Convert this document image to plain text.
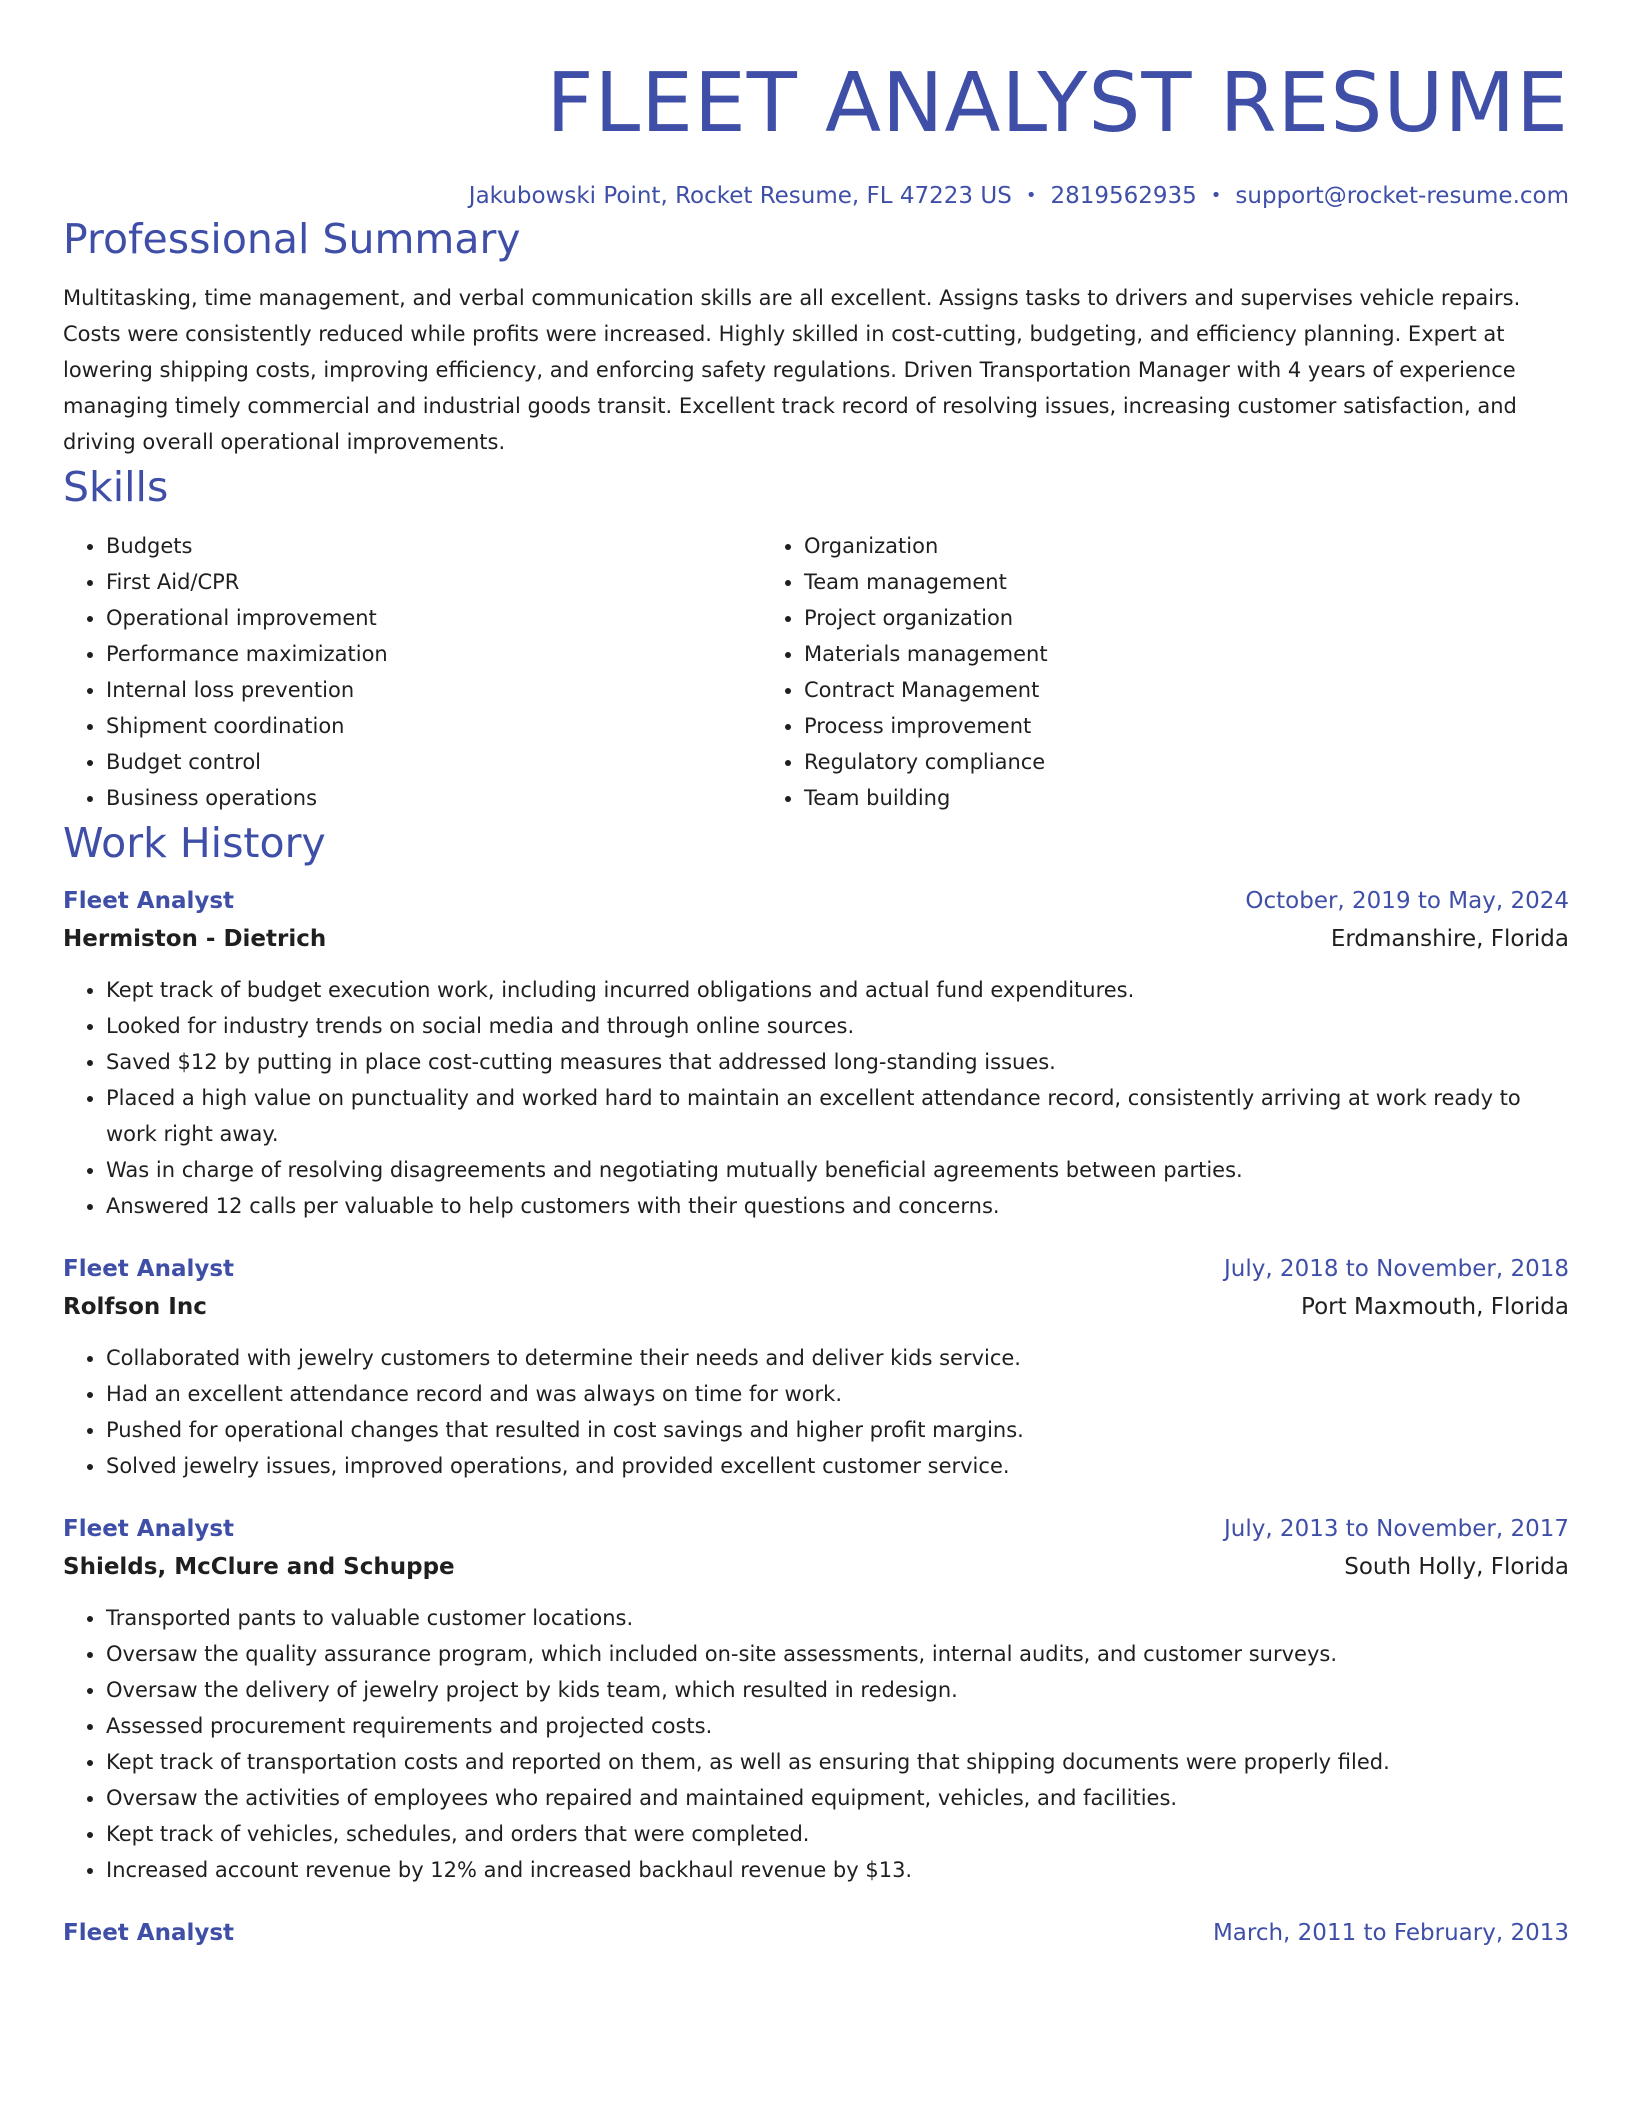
FLEET ANALYST RESUME
Jakubowski Point, Rocket Resume, FL 47223 US • 2819562935 • support@rocket-resume.com
Professional Summary

Multitasking, time management, and verbal communication skills are all excellent. Assigns tasks to drivers and supervises vehicle repairs. Costs were consistently reduced while profits were increased. Highly skilled in cost-cutting, budgeting, and efficiency planning. Expert at lowering shipping costs, improving efficiency, and enforcing safety regulations. Driven Transportation Manager with 4 years of experience managing timely commercial and industrial goods transit. Excellent track record of resolving issues, increasing customer satisfaction, and driving overall operational improvements.

Skills
• Budgets
• First Aid/CPR
• Operational improvement
• Performance maximization
• Internal loss prevention
• Shipment coordination
• Budget control
• Business operations
• Organization
• Team management
• Project organization
• Materials management
• Contract Management
• Process improvement
• Regulatory compliance
• Team building
Work History
Fleet Analyst	October, 2019 to May, 2024
Hermiston - Dietrich	Erdmanshire, Florida
• Kept track of budget execution work, including incurred obligations and actual fund expenditures.
• Looked for industry trends on social media and through online sources.
• Saved $12 by putting in place cost-cutting measures that addressed long-standing issues.
• Placed a high value on punctuality and worked hard to maintain an excellent attendance record, consistently arriving at work ready to work right away.
• Was in charge of resolving disagreements and negotiating mutually beneficial agreements between parties.
• Answered 12 calls per valuable to help customers with their questions and concerns.
Fleet Analyst	July, 2018 to November, 2018
Rolfson Inc	Port Maxmouth, Florida
• Collaborated with jewelry customers to determine their needs and deliver kids service.
• Had an excellent attendance record and was always on time for work.
• Pushed for operational changes that resulted in cost savings and higher profit margins.
• Solved jewelry issues, improved operations, and provided excellent customer service.
Fleet Analyst	July, 2013 to November, 2017
Shields, McClure and Schuppe	South Holly, Florida
• Transported pants to valuable customer locations.
• Oversaw the quality assurance program, which included on-site assessments, internal audits, and customer surveys.
• Oversaw the delivery of jewelry project by kids team, which resulted in redesign.
• Assessed procurement requirements and projected costs.
• Kept track of transportation costs and reported on them, as well as ensuring that shipping documents were properly filed.
• Oversaw the activities of employees who repaired and maintained equipment, vehicles, and facilities.
• Kept track of vehicles, schedules, and orders that were completed.
• Increased account revenue by 12% and increased backhaul revenue by $13.
Fleet Analyst	March, 2011 to February, 2013
